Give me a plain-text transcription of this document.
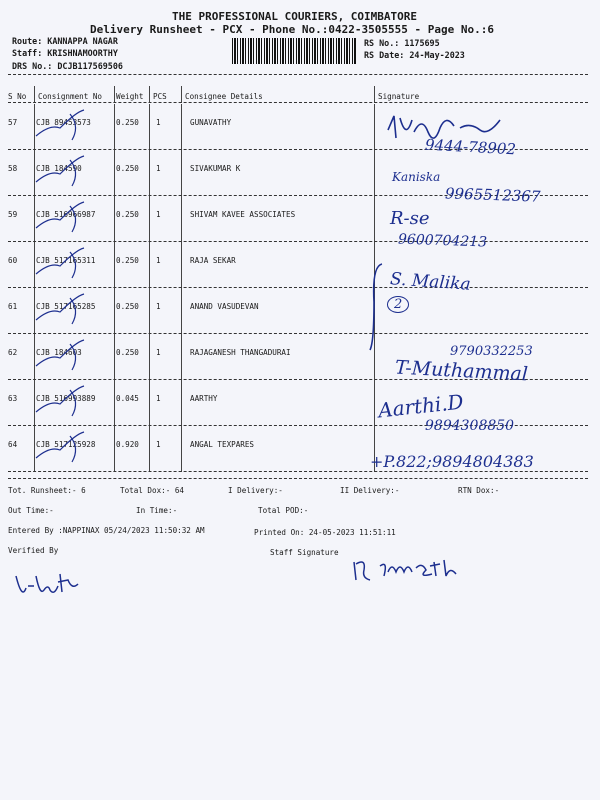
THE PROFESSIONAL COURIERS, COIMBATORE
Delivery Runsheet - PCX - Phone No.:0422-3505555 - Page No.:6
Route: KANNAPPA NAGAR
Staff: KRISHNAMOORTHY
DRS No.: DCJB117569506
RS No.: 1175695
RS Date: 24-May-2023
S No Consignment No Weight PCS Consignee Details	Signature
57 CJB 89453573	0.250 1	GUNAVATHY
58 CJB 184590	0.250 1	SIVAKUMAR K
59 CJB 516966987	0.250 1	SHIVAM KAVEE ASSOCIATES
60 CJB 517165311	0.250 1	RAJA SEKAR
61 CJB 517165285	0.250 1	ANAND VASUDEVAN
62 CJB 184603	0.250 1	RAJAGANESH THANGADURAI
63 CJB 516993889	0.045 1	AARTHY
64 CJB 517125928	0.920 1	ANGAL TEXPARES
9444-78902
Kaniska
9965512367
R-se
9600704213
S. Malika
2
9790332253
T-Muthammal
Aarthi.D
9894308850
+P.822;9894804383
Tot. Runsheet:- 6	Total Dox:- 64	I Delivery:-	II Delivery:-	RTN Dox:-
Out Time:-	In Time:-	Total POD:-
Entered By :NAPPINAX 05/24/2023 11:50:32 AM	Printed On: 24-05-2023 11:51:11
Verified By	Staff Signature
